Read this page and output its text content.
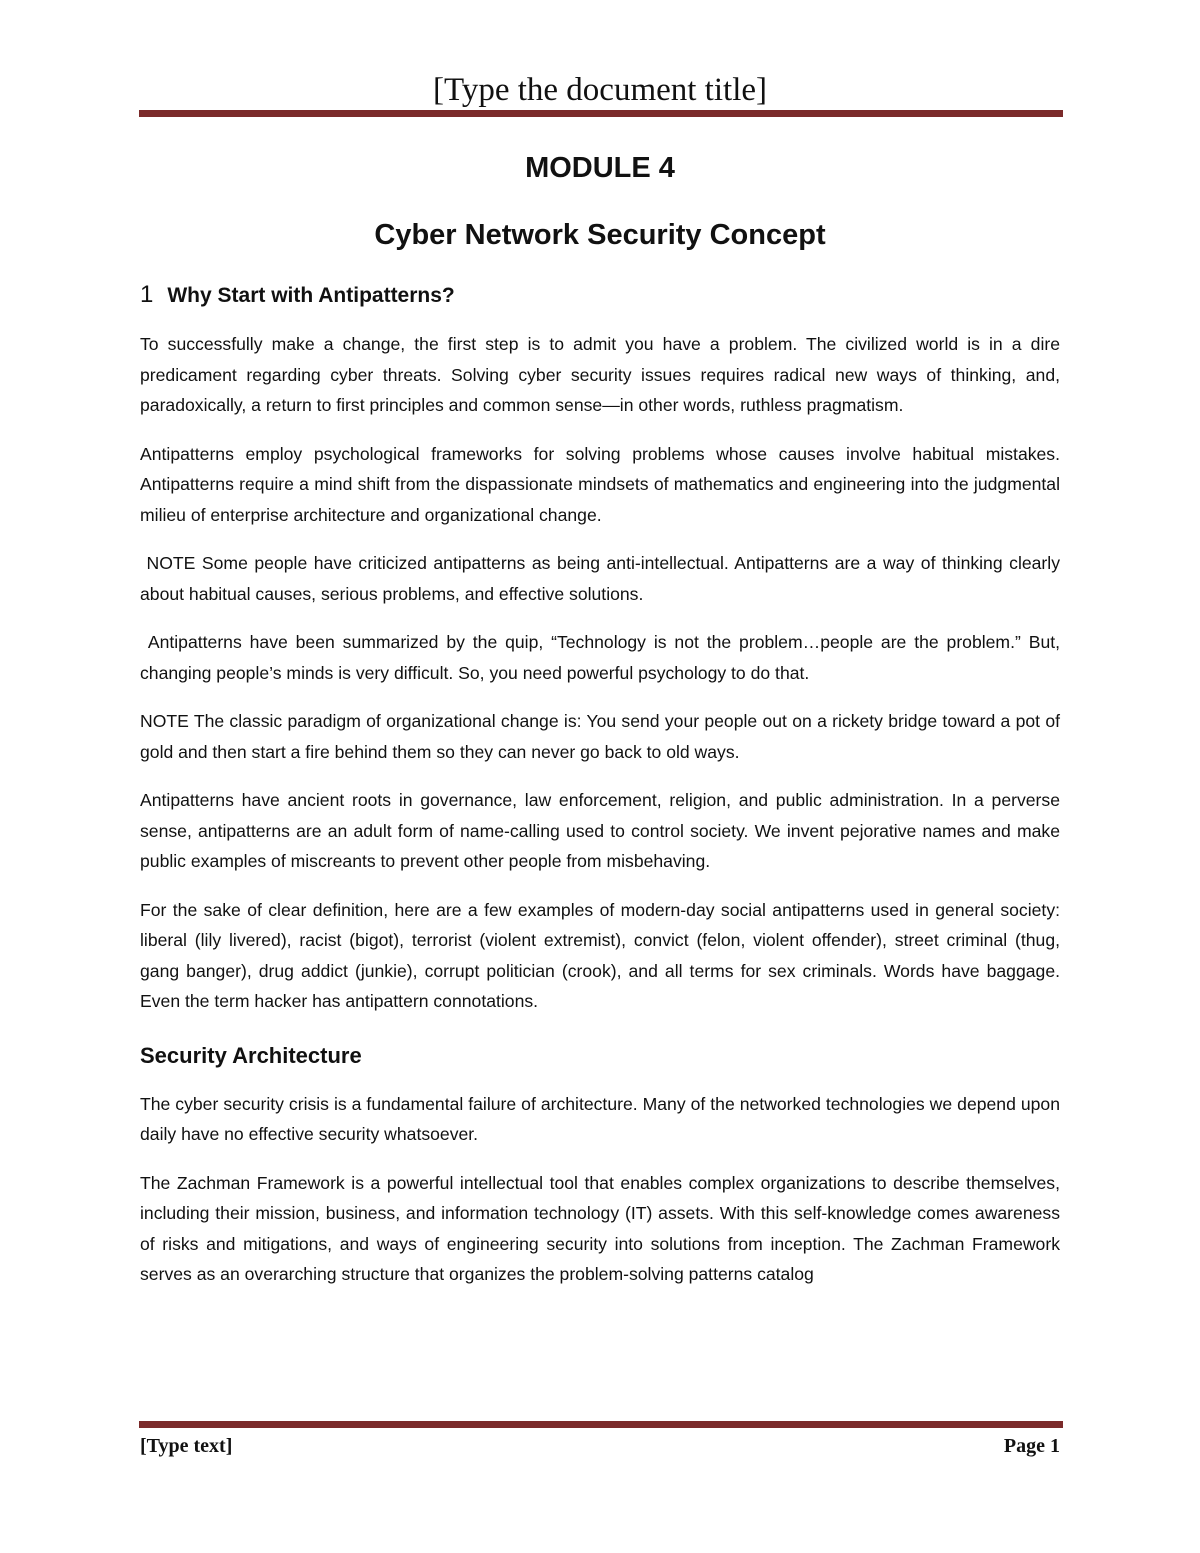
[Type the document title]
MODULE 4
Cyber Network Security Concept
1 Why Start with Antipatterns?

To successfully make a change, the first step is to admit you have a problem. The civilized world is in a dire predicament regarding cyber threats. Solving cyber security issues requires radical new ways of thinking, and, paradoxically, a return to first principles and common sense—in other words, ruthless pragmatism.

Antipatterns employ psychological frameworks for solving problems whose causes involve habitual mistakes. Antipatterns require a mind shift from the dispassionate mindsets of mathematics and engineering into the judgmental milieu of enterprise architecture and organizational change.

NOTE Some people have criticized antipatterns as being anti-intellectual. Antipatterns are a way of thinking clearly about habitual causes, serious problems, and effective solutions.

Antipatterns have been summarized by the quip, “Technology is not the problem…people are the problem.” But, changing people’s minds is very difficult. So, you need powerful psychology to do that.

NOTE The classic paradigm of organizational change is: You send your people out on a rickety bridge toward a pot of gold and then start a fire behind them so they can never go back to old ways.

Antipatterns have ancient roots in governance, law enforcement, religion, and public administration. In a perverse sense, antipatterns are an adult form of name-calling used to control society. We invent pejorative names and make public examples of miscreants to prevent other people from misbehaving.

For the sake of clear definition, here are a few examples of modern-day social antipatterns used in general society: liberal (lily livered), racist (bigot), terrorist (violent extremist), convict (felon, violent offender), street criminal (thug, gang banger), drug addict (junkie), corrupt politician (crook), and all terms for sex criminals. Words have baggage. Even the term hacker has antipattern connotations.

Security Architecture

The cyber security crisis is a fundamental failure of architecture. Many of the networked technologies we depend upon daily have no effective security whatsoever.

The Zachman Framework is a powerful intellectual tool that enables complex organizations to describe themselves, including their mission, business, and information technology (IT) assets. With this self-knowledge comes awareness of risks and mitigations, and ways of engineering security into solutions from inception. The Zachman Framework serves as an overarching structure that organizes the problem-solving patterns catalog

[Type text]	Page 1
